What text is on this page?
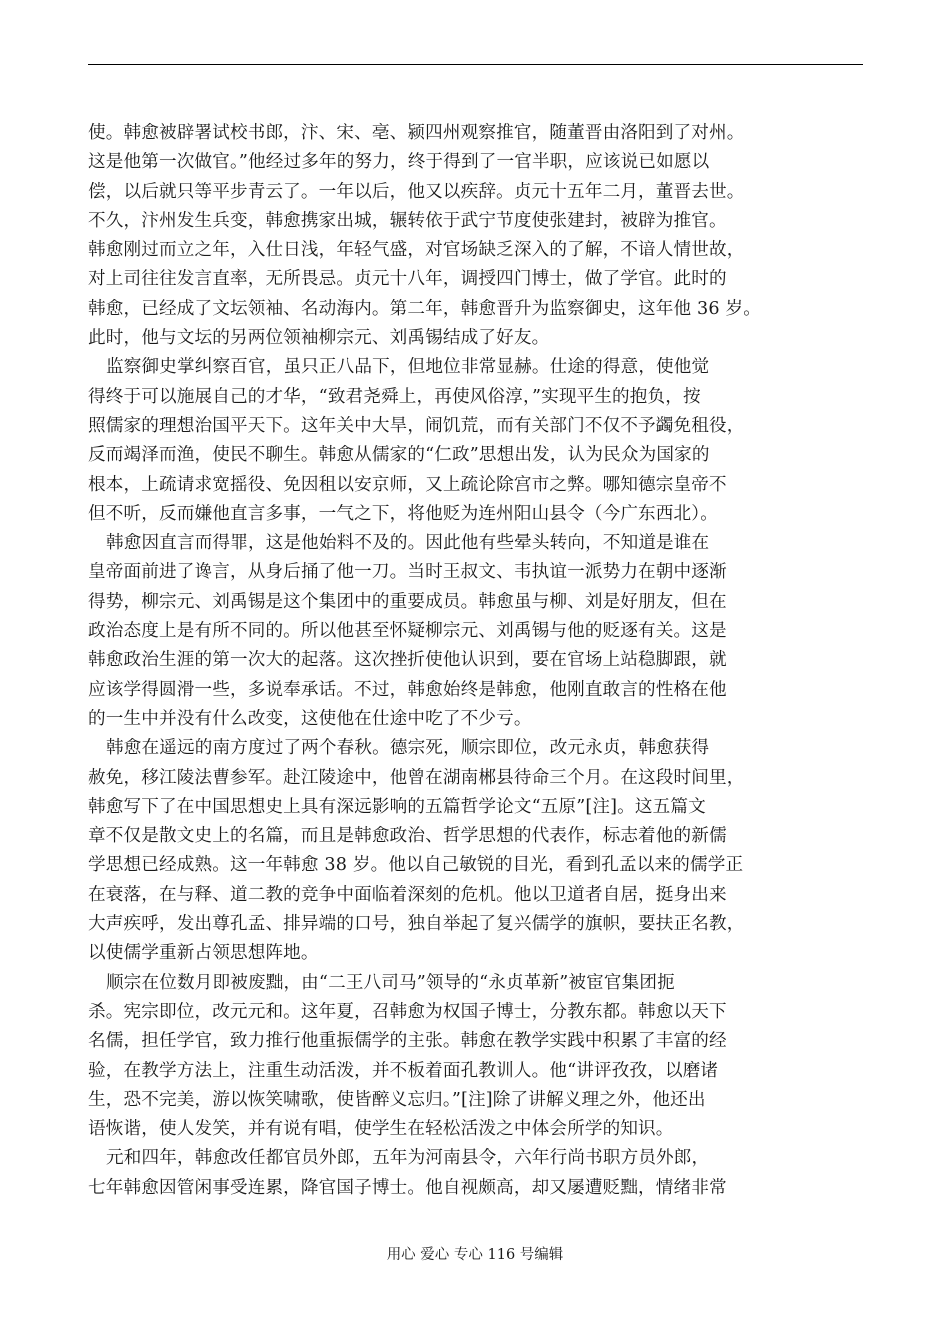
使。韩愈被辟署试校书郎，汴、宋、亳、颍四州观察推官，随董晋由洛阳到了对州。
这是他第一次做官。”他经过多年的努力，终于得到了一官半职，应该说已如愿以
偿，以后就只等平步青云了。一年以后，他又以疾辞。贞元十五年二月，董晋去世。
不久，汴州发生兵变，韩愈携家出城，辗转依于武宁节度使张建封，被辟为推官。
韩愈刚过而立之年，入仕日浅，年轻气盛，对官场缺乏深入的了解，不谙人情世故，
对上司往往发言直率，无所畏忌。贞元十八年，调授四门博士，做了学官。此时的
韩愈，已经成了文坛领袖、名动海内。第二年，韩愈晋升为监察御史，这年他 36 岁。
此时，他与文坛的另两位领袖柳宗元、刘禹锡结成了好友。
监察御史掌纠察百官，虽只正八品下，但地位非常显赫。仕途的得意，使他觉
得终于可以施展自己的才华，“致君尧舜上，再使风俗淳，”实现平生的抱负，按
照儒家的理想治国平天下。这年关中大旱，闹饥荒，而有关部门不仅不予蠲免租役，
反而竭泽而渔，使民不聊生。韩愈从儒家的“仁政”思想出发，认为民众为国家的
根本，上疏请求宽摇役、免因租以安京师，又上疏论除宫市之弊。哪知德宗皇帝不
但不听，反而嫌他直言多事，一气之下，将他贬为连州阳山县令（今广东西北）。
韩愈因直言而得罪，这是他始料不及的。因此他有些晕头转向，不知道是谁在
皇帝面前进了谗言，从身后捅了他一刀。当时王叔文、韦执谊一派势力在朝中逐渐
得势，柳宗元、刘禹锡是这个集团中的重要成员。韩愈虽与柳、刘是好朋友，但在
政治态度上是有所不同的。所以他甚至怀疑柳宗元、刘禹锡与他的贬逐有关。这是
韩愈政治生涯的第一次大的起落。这次挫折使他认识到，要在官场上站稳脚跟，就
应该学得圆滑一些，多说奉承话。不过，韩愈始终是韩愈，他刚直敢言的性格在他
的一生中并没有什么改变，这使他在仕途中吃了不少亏。
韩愈在遥远的南方度过了两个春秋。德宗死，顺宗即位，改元永贞，韩愈获得
赦免，移江陵法曹参军。赴江陵途中，他曾在湖南郴县待命三个月。在这段时间里，
韩愈写下了在中国思想史上具有深远影响的五篇哲学论文“五原”[注]。这五篇文
章不仅是散文史上的名篇，而且是韩愈政治、哲学思想的代表作，标志着他的新儒
学思想已经成熟。这一年韩愈 38 岁。他以自己敏锐的目光，看到孔孟以来的儒学正
在衰落，在与释、道二教的竞争中面临着深刻的危机。他以卫道者自居，挺身出来
大声疾呼，发出尊孔孟、排异端的口号，独自举起了复兴儒学的旗帜，要扶正名教，
以使儒学重新占领思想阵地。
顺宗在位数月即被废黜，由“二王八司马”领导的“永贞革新”被宦官集团扼
杀。宪宗即位，改元元和。这年夏，召韩愈为权国子博士，分教东都。韩愈以天下
名儒，担任学官，致力推行他重振儒学的主张。韩愈在教学实践中积累了丰富的经
验，在教学方法上，注重生动活泼，并不板着面孔教训人。他“讲评孜孜，以磨诸
生，恐不完美，游以恢笑啸歌，使皆醉义忘归。”[注]除了讲解义理之外，他还出
语恢谐，使人发笑，并有说有唱，使学生在轻松活泼之中体会所学的知识。
元和四年，韩愈改任都官员外郎，五年为河南县令，六年行尚书职方员外郎，
七年韩愈因管闲事受连累，降官国子博士。他自视颇高，却又屡遭贬黜，情绪非常
用心 爱心 专心 116 号编辑
